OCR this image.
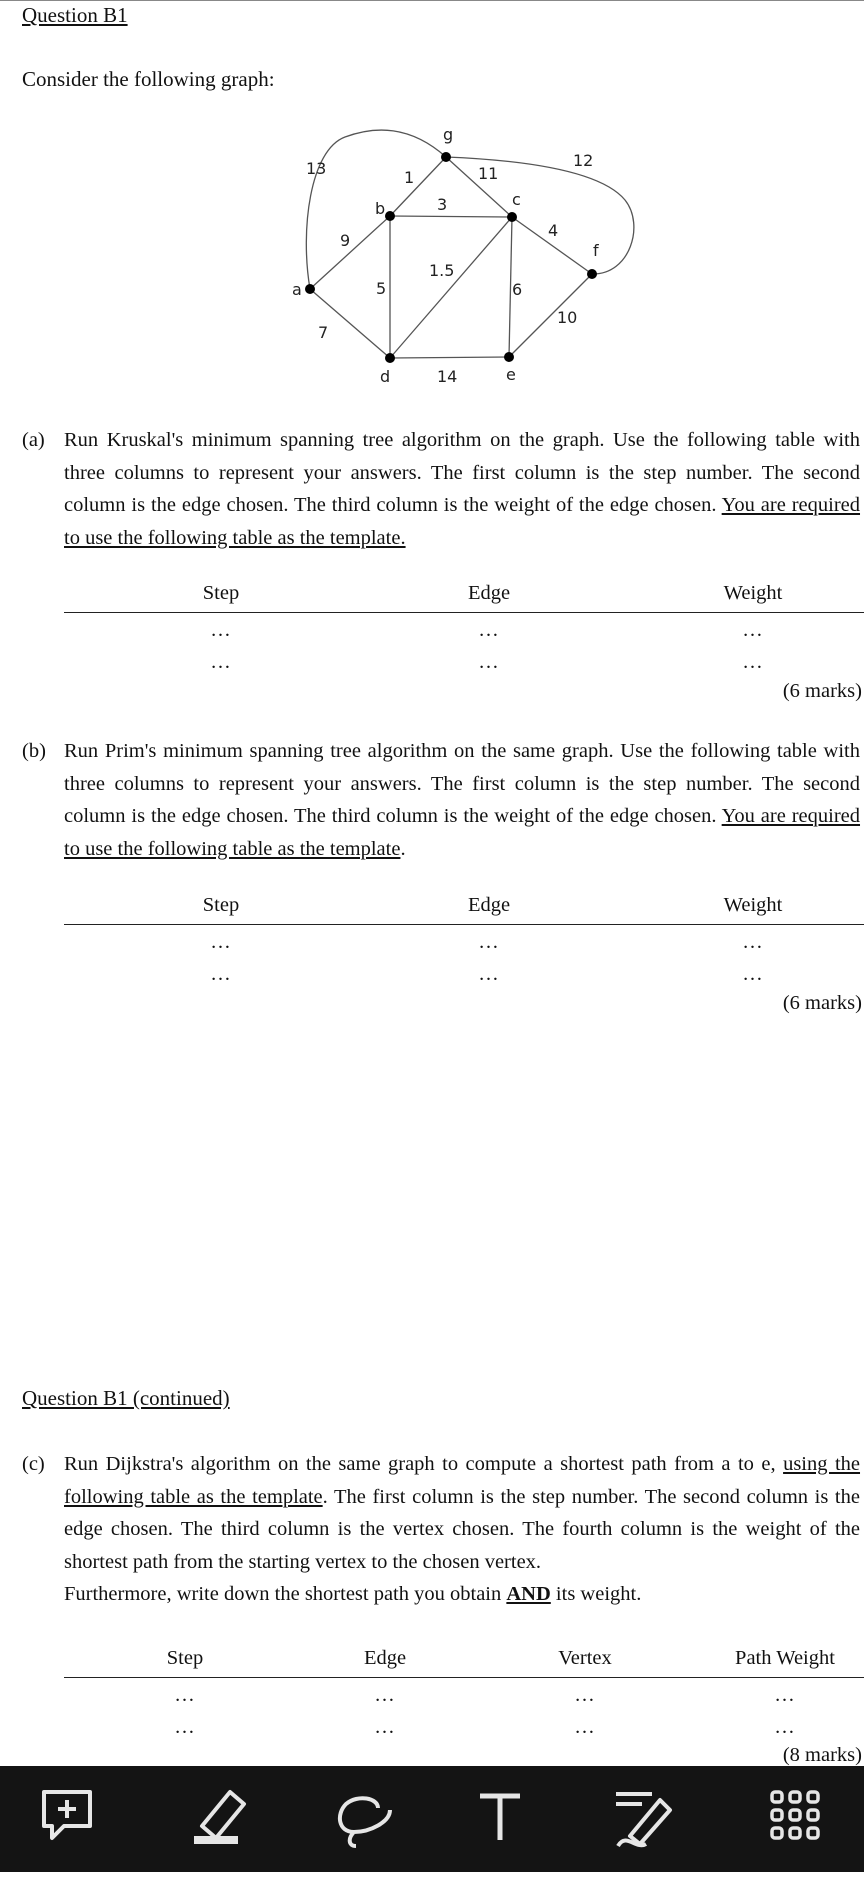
Question B1
Consider the following graph:
a
b	c
d	e
f
g
13
9
7
1
3
5
11
12
4
1.5
6
14
10
(a) Run Kruskal's minimum spanning tree algorithm on the graph. Use the following table with three columns to represent your answers. The first column is the step number. The second column is the edge chosen. The third column is the weight of the edge chosen. You are required to use the following table as the template.
Step	Edge	Weight
…	…	…
…	…	…
(6 marks)
(b) Run Prim's minimum spanning tree algorithm on the same graph. Use the following table with three columns to represent your answers. The first column is the step number. The second column is the edge chosen. The third column is the weight of the edge chosen. You are required to use the following table as the template.
Step	Edge	Weight
…	…	…
…	…	…
(6 marks)
Question B1 (continued)
(c) Run Dijkstra's algorithm on the same graph to compute a shortest path from a to e, using the following table as the template. The first column is the step number. The second column is the edge chosen. The third column is the vertex chosen. The fourth column is the weight of the shortest path from the starting vertex to the chosen vertex.
Furthermore, write down the shortest path you obtain AND its weight.
Step	Edge	Vertex	Path Weight
…	…	…	…
…	…	…	…
(8 marks)
